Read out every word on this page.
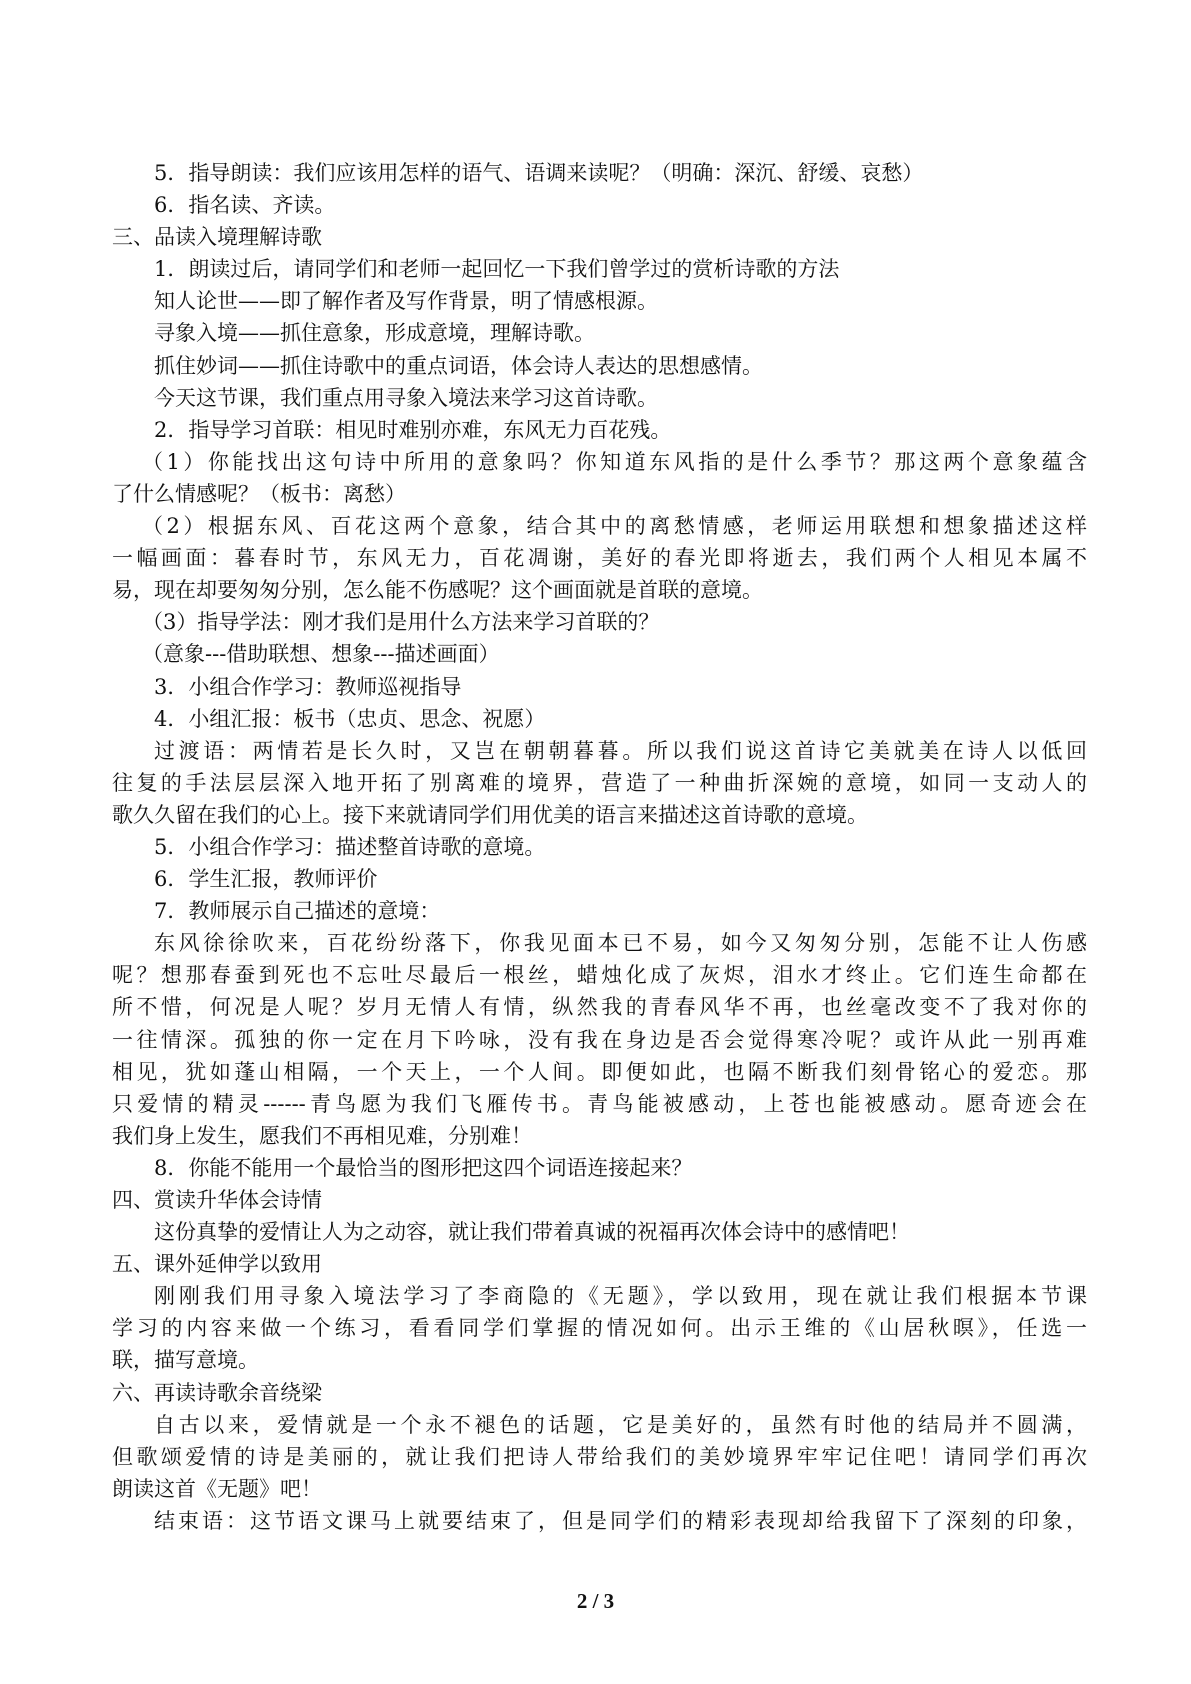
5．指导朗读：我们应该用怎样的语气、语调来读呢？（明确：深沉、舒缓、哀愁）
6．指名读、齐读。
三、品读入境理解诗歌
1．朗读过后，请同学们和老师一起回忆一下我们曾学过的赏析诗歌的方法
知人论世——即了解作者及写作背景，明了情感根源。
寻象入境——抓住意象，形成意境，理解诗歌。
抓住妙词——抓住诗歌中的重点词语，体会诗人表达的思想感情。
今天这节课，我们重点用寻象入境法来学习这首诗歌。
2．指导学习首联：相见时难别亦难，东风无力百花残。
（1）你能找出这句诗中所用的意象吗？你知道东风指的是什么季节？那这两个意象蕴含
了什么情感呢？（板书：离愁）
（2）根据东风、百花这两个意象，结合其中的离愁情感，老师运用联想和想象描述这样
一幅画面：暮春时节，东风无力，百花凋谢，美好的春光即将逝去，我们两个人相见本属不
易，现在却要匆匆分别，怎么能不伤感呢？这个画面就是首联的意境。
（3）指导学法：刚才我们是用什么方法来学习首联的？
（意象---借助联想、想象---描述画面）
3．小组合作学习：教师巡视指导
4．小组汇报：板书（忠贞、思念、祝愿）
过渡语：两情若是长久时，又岂在朝朝暮暮。所以我们说这首诗它美就美在诗人以低回
往复的手法层层深入地开拓了别离难的境界，营造了一种曲折深婉的意境，如同一支动人的
歌久久留在我们的心上。接下来就请同学们用优美的语言来描述这首诗歌的意境。
5．小组合作学习：描述整首诗歌的意境。
6．学生汇报，教师评价
7．教师展示自己描述的意境：
东风徐徐吹来，百花纷纷落下，你我见面本已不易，如今又匆匆分别，怎能不让人伤感
呢？想那春蚕到死也不忘吐尽最后一根丝，蜡烛化成了灰烬，泪水才终止。它们连生命都在
所不惜，何况是人呢？岁月无情人有情，纵然我的青春风华不再，也丝毫改变不了我对你的
一往情深。孤独的你一定在月下吟咏，没有我在身边是否会觉得寒冷呢？或许从此一别再难
相见，犹如蓬山相隔，一个天上，一个人间。即便如此，也隔不断我们刻骨铭心的爱恋。那
只爱情的精灵------青鸟愿为我们飞雁传书。青鸟能被感动，上苍也能被感动。愿奇迹会在
我们身上发生，愿我们不再相见难，分别难！
8．你能不能用一个最恰当的图形把这四个词语连接起来？
四、赏读升华体会诗情
这份真挚的爱情让人为之动容，就让我们带着真诚的祝福再次体会诗中的感情吧！
五、课外延伸学以致用
刚刚我们用寻象入境法学习了李商隐的《无题》，学以致用，现在就让我们根据本节课
学习的内容来做一个练习，看看同学们掌握的情况如何。出示王维的《山居秋暝》，任选一
联，描写意境。
六、再读诗歌余音绕梁
自古以来，爱情就是一个永不褪色的话题，它是美好的，虽然有时他的结局并不圆满，
但歌颂爱情的诗是美丽的，就让我们把诗人带给我们的美妙境界牢牢记住吧！请同学们再次
朗读这首《无题》吧！
结束语：这节语文课马上就要结束了，但是同学们的精彩表现却给我留下了深刻的印象，
2 / 3
